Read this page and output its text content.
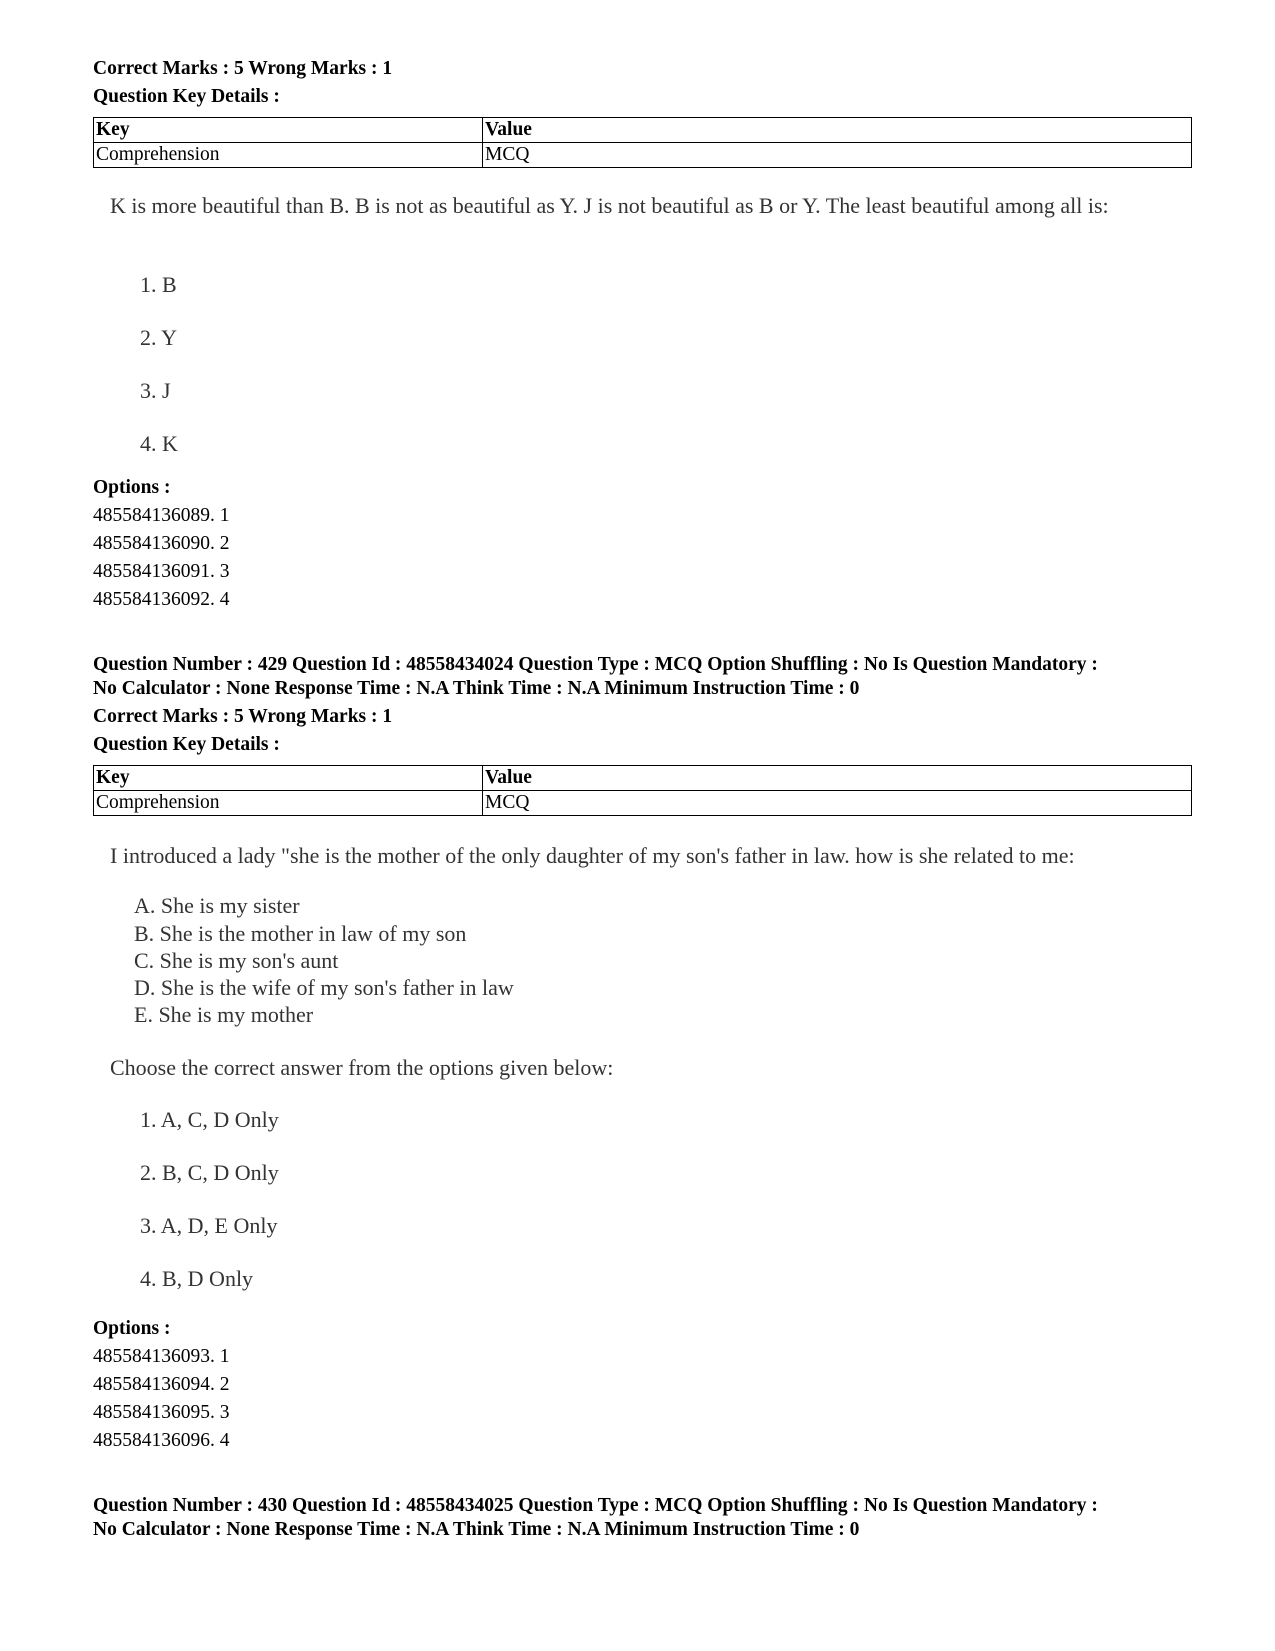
Correct Marks : 5 Wrong Marks : 1
Question Key Details :
Key	Value
Comprehension	MCQ
K is more beautiful than B. B is not as beautiful as Y. J is not beautiful as B or Y. The least beautiful among all is:
1. B
2. Y
3. J
4. K
Options :
485584136089. 1
485584136090. 2
485584136091. 3
485584136092. 4
Question Number : 429 Question Id : 48558434024 Question Type : MCQ Option Shuffling : No Is Question Mandatory :
No Calculator : None Response Time : N.A Think Time : N.A Minimum Instruction Time : 0
Correct Marks : 5 Wrong Marks : 1
Question Key Details :
Key	Value
Comprehension	MCQ
I introduced a lady "she is the mother of the only daughter of my son's father in law. how is she related to me:
A. She is my sister
B. She is the mother in law of my son
C. She is my son's aunt
D. She is the wife of my son's father in law
E. She is my mother
Choose the correct answer from the options given below:
1. A, C, D Only
2. B, C, D Only
3. A, D, E Only
4. B, D Only
Options :
485584136093. 1
485584136094. 2
485584136095. 3
485584136096. 4
Question Number : 430 Question Id : 48558434025 Question Type : MCQ Option Shuffling : No Is Question Mandatory :
No Calculator : None Response Time : N.A Think Time : N.A Minimum Instruction Time : 0
